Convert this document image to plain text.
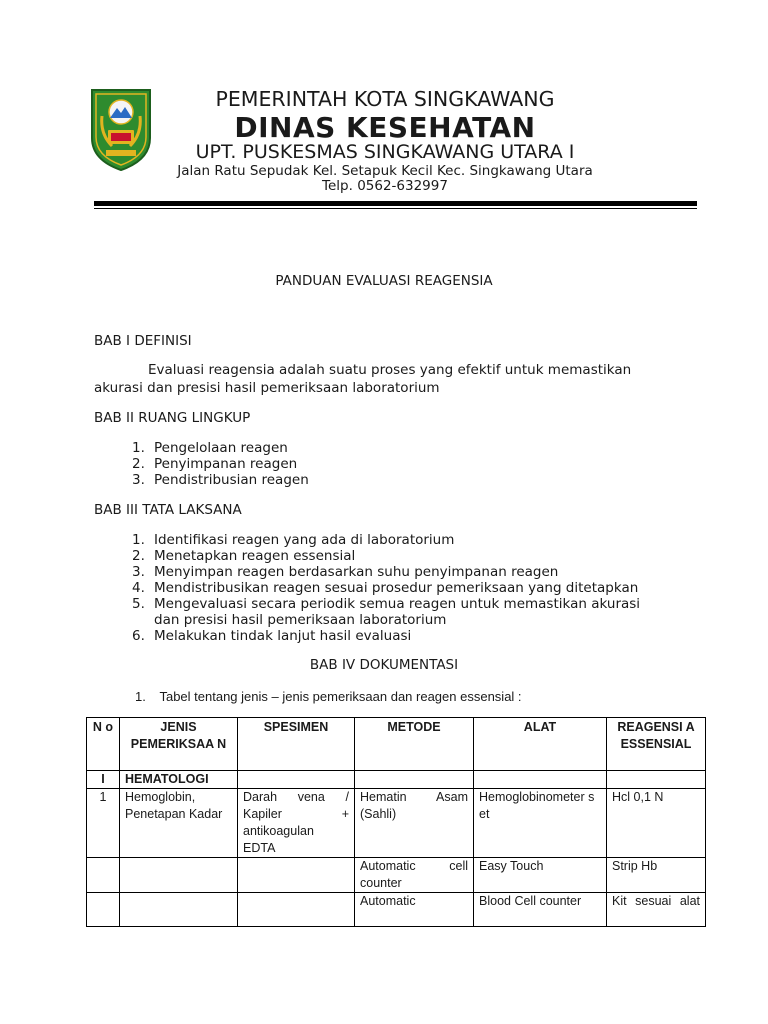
PEMERINTAH KOTA SINGKAWANG
DINAS KESEHATAN
UPT. PUSKESMAS SINGKAWANG UTARA I
Jalan Ratu Sepudak Kel. Setapuk Kecil Kec. Singkawang Utara
Telp. 0562-632997
PANDUAN EVALUASI REAGENSIA
BAB I DEFINISI
Evaluasi reagensia adalah suatu proses yang efektif untuk memastikan
akurasi dan presisi hasil pemeriksaan laboratorium
BAB II RUANG LINGKUP
1. Pengelolaan reagen
2. Penyimpanan reagen
3. Pendistribusian reagen
BAB III TATA LAKSANA
1. Identifikasi reagen yang ada di laboratorium
2. Menetapkan reagen essensial
3. Menyimpan reagen berdasarkan suhu penyimpanan reagen
4. Mendistribusikan reagen sesuai prosedur pemeriksaan yang ditetapkan
5. Mengevaluasi secara periodik semua reagen untuk memastikan akurasi
dan presisi hasil pemeriksaan laboratorium
6. Melakukan tindak lanjut hasil evaluasi
BAB IV DOKUMENTASI
1. Tabel tentang jenis – jenis pemeriksaan dan reagen essensial :
N o	JENIS PEMERIKSAA N	SPESIMEN	METODE	ALAT	REAGENSI A ESSENSIAL
I	HEMATOLOGI				
1	Hemoglobin, Penetapan Kadar	Darah vena / Kapiler + antikoagulan EDTA	Hematin Asam (Sahli)	Hemoglobinometer set	Hcl 0,1 N
			Automatic cell counter	Easy Touch	Strip Hb
			Automatic	Blood Cell counter	Kit sesuai alat
